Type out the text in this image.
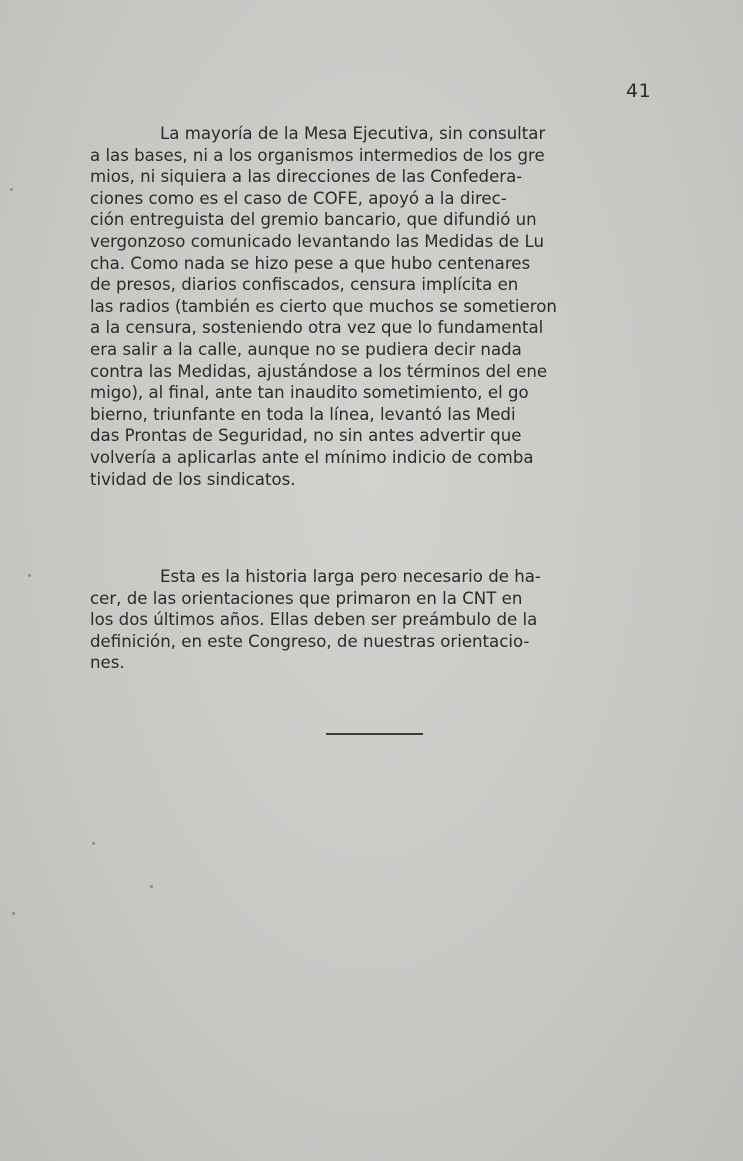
41

La mayoría de la Mesa Ejecutiva, sin consultar
a las bases, ni a los organismos intermedios de los gre
mios, ni siquiera a las direcciones de las Confedera-
ciones como es el caso de COFE, apoyó a la direc-
ción entreguista del gremio bancario, que difundió un
vergonzoso comunicado levantando las Medidas de Lu
cha. Como nada se hizo pese a que hubo centenares
de presos, diarios confiscados, censura implícita en
las radios (también es cierto que muchos se sometieron
a la censura, sosteniendo otra vez que lo fundamental
era salir a la calle, aunque no se pudiera decir nada
contra las Medidas, ajustándose a los términos del ene
migo), al final, ante tan inaudito sometimiento, el go
bierno, triunfante en toda la línea, levantó las Medi
das Prontas de Seguridad, no sin antes advertir que
volvería a aplicarlas ante el mínimo indicio de comba
tividad de los sindicatos.

Esta es la historia larga pero necesario de ha-
cer, de las orientaciones que primaron en la CNT en
los dos últimos años. Ellas deben ser preámbulo de la
definición, en este Congreso, de nuestras orientacio-
nes.
